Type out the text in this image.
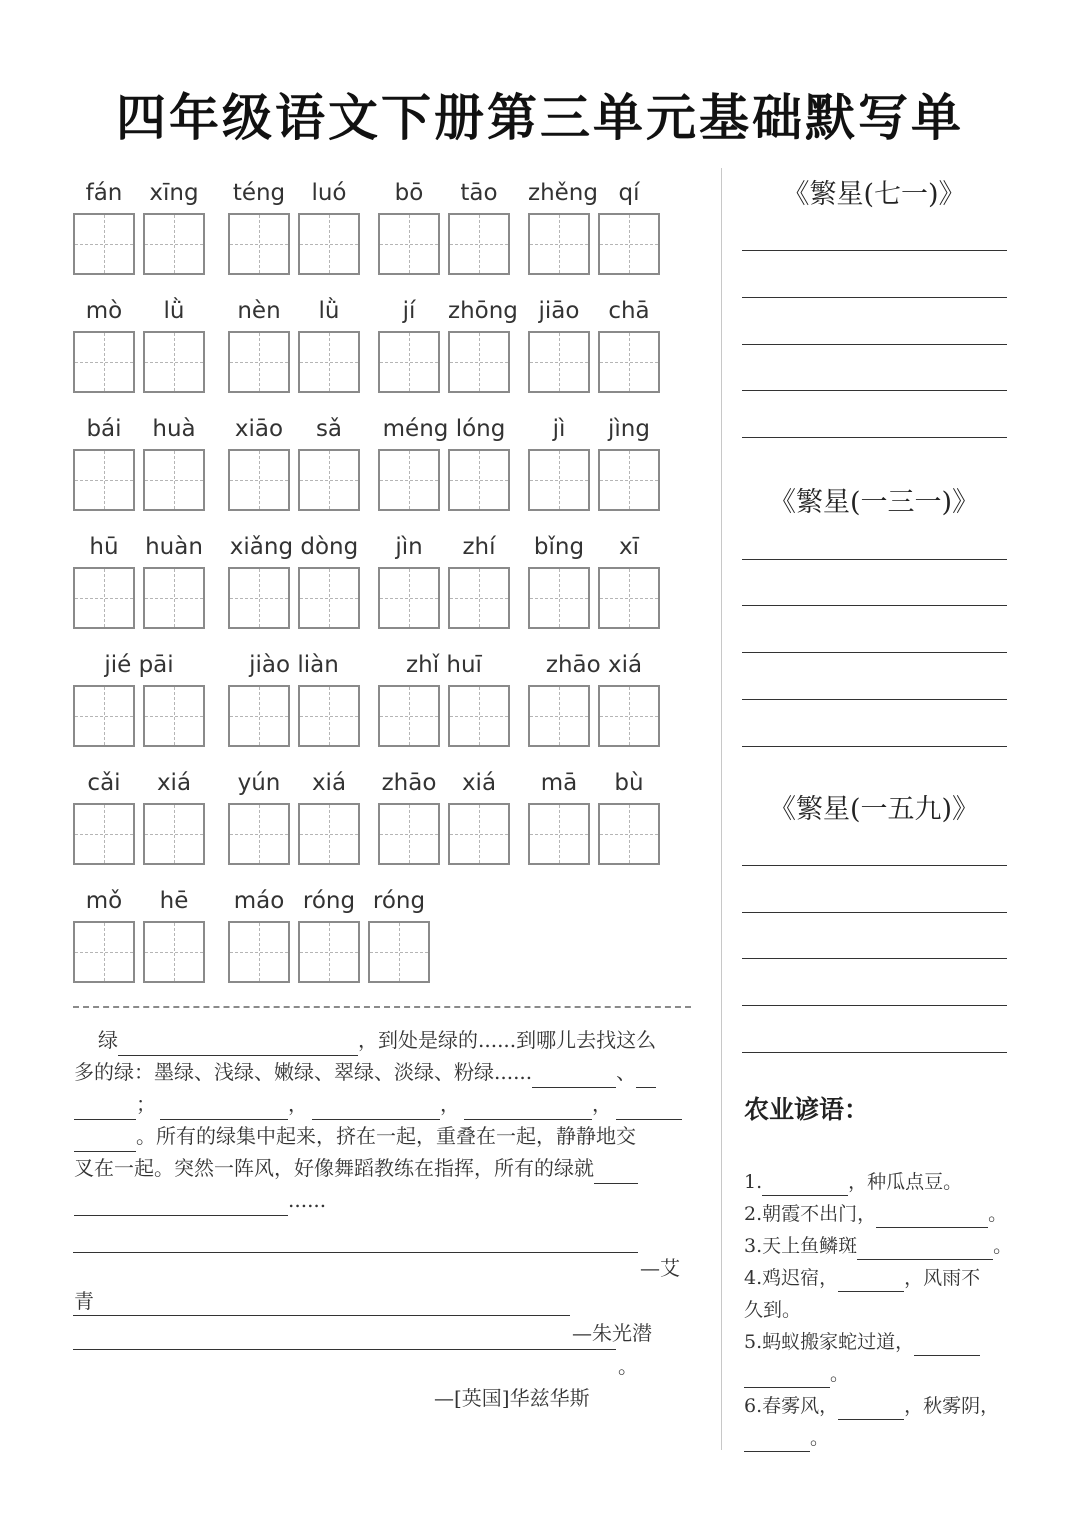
四年级语文下册第三单元基础默写单
fán	xīng téng	luó	bō	tāo	zhěng qí
mò	lǜ	nèn	lǜ	jí	zhōng jiāo	chā
bái	huà	xiāo	sǎ	méng lóng	jì	jìng
hū	huàn xiǎng dòng	jìn	zhí	bǐng	xī
jié pāi	jiào liàn	zhǐ huī	zhāo xiá
cǎi	xiá	yún	xiá	zhāo	xiá	mā	bù
mǒ	hē	máo róng róng
绿	，到处是绿的......到哪儿去找这么
多的绿：墨绿、浅绿、嫩绿、翠绿、淡绿、粉绿......	、
；	，	，	，
。所有的绿集中起来，挤在一起，重叠在一起，静静地交
叉在一起。突然一阵风，好像舞蹈教练在指挥，所有的绿就
......
—艾
青
—朱光潜
。
—[英国]华兹华斯
《繁星(七一)》
《繁星(一三一)》
《繁星(一五九)》
农业谚语：
1.	，种瓜点豆。
2.朝霞不出门，	。
3.天上鱼鳞斑	。
4.鸡迟宿，	，风雨不
久到。
5.蚂蚁搬家蛇过道，
。
6.春雾风，	，秋雾阴，
。
